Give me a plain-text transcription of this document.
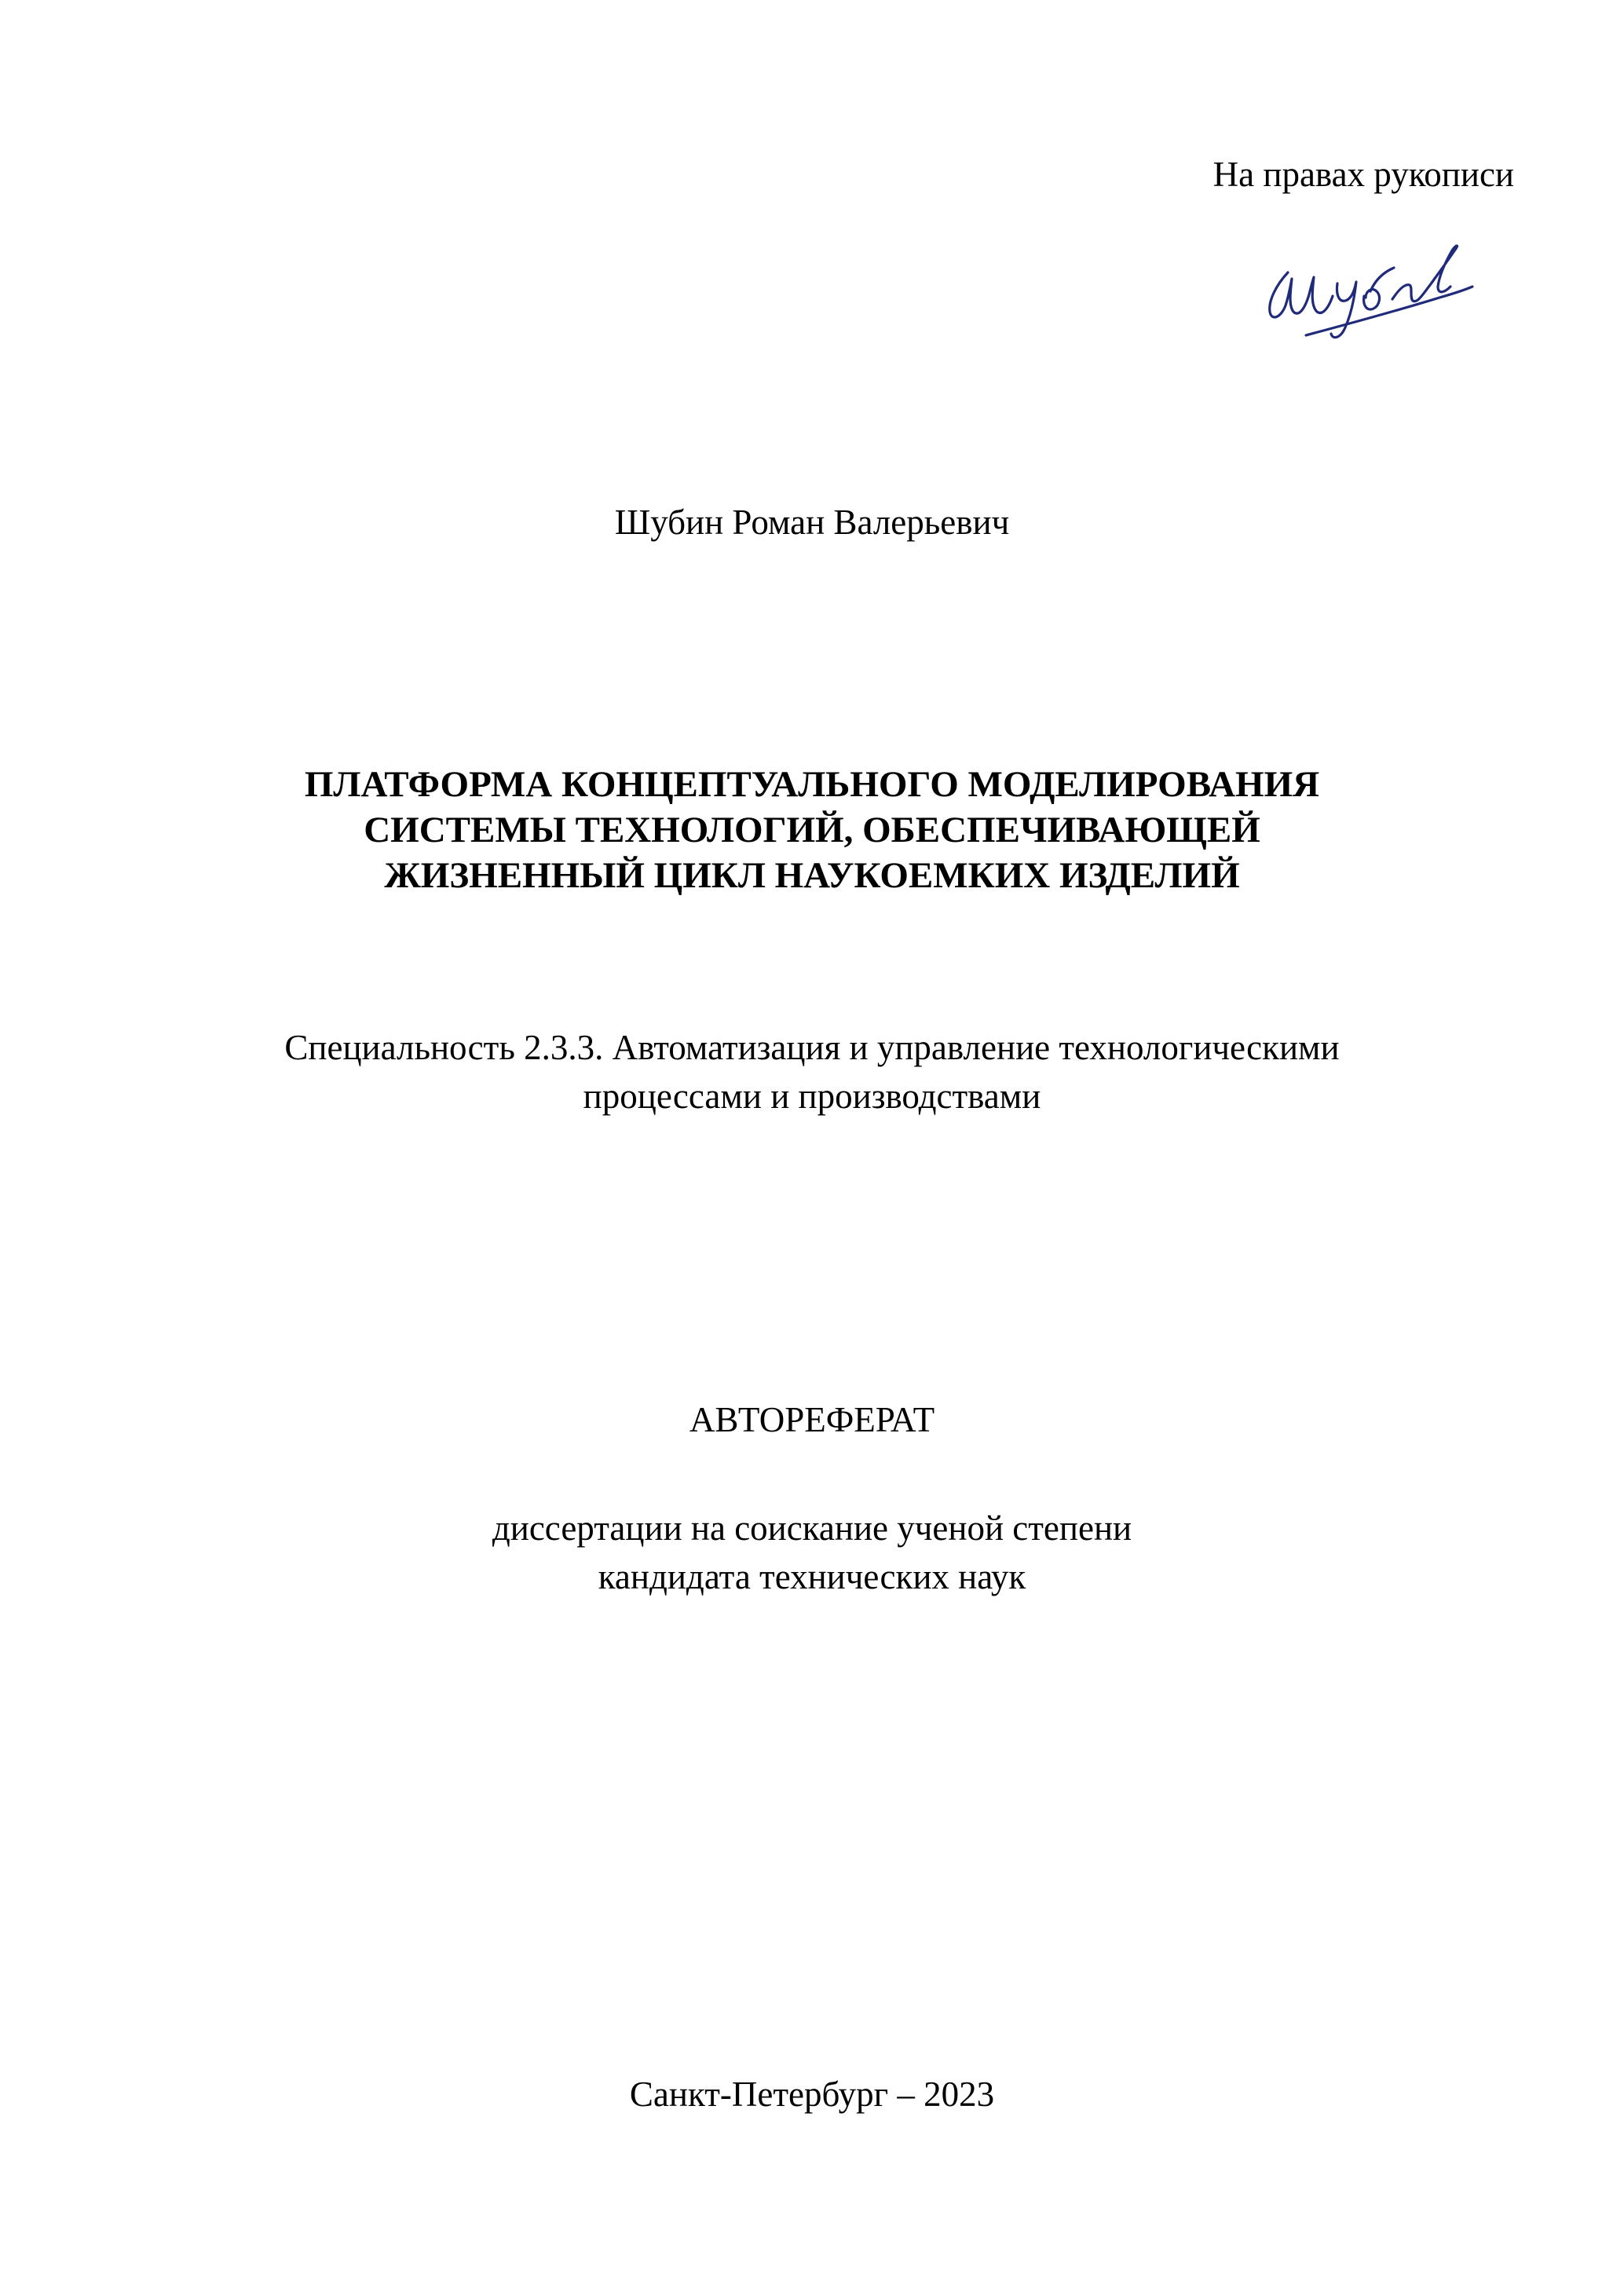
На правах рукописи
Шубин Роман Валерьевич
ПЛАТФОРМА КОНЦЕПТУАЛЬНОГО МОДЕЛИРОВАНИЯ
СИСТЕМЫ ТЕХНОЛОГИЙ, ОБЕСПЕЧИВАЮЩЕЙ
ЖИЗНЕННЫЙ ЦИКЛ НАУКОЕМКИХ ИЗДЕЛИЙ
Специальность 2.3.3. Автоматизация и управление технологическими
процессами и производствами
АВТОРЕФЕРАТ
диссертации на соискание ученой степени
кандидата технических наук
Санкт-Петербург – 2023
